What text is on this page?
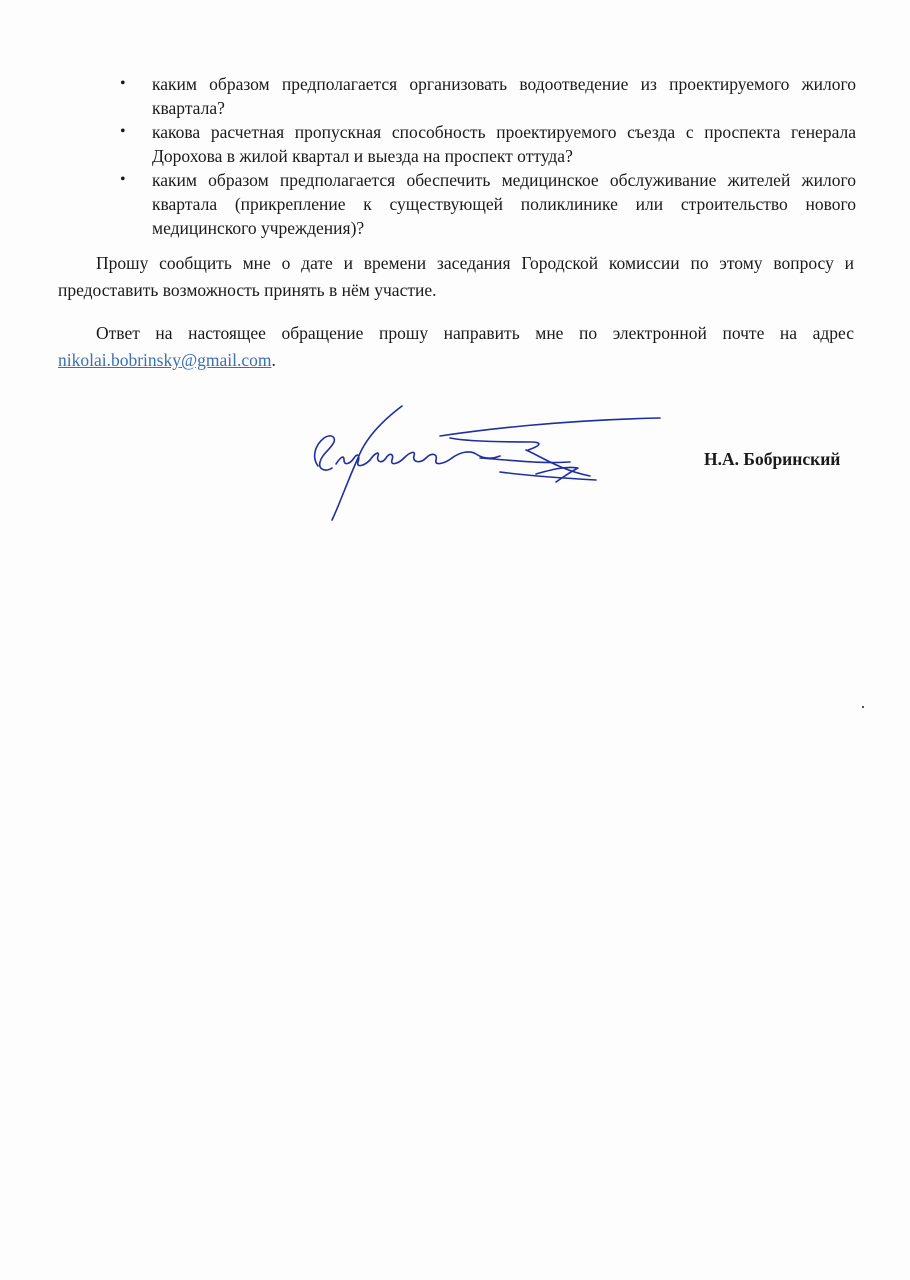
• каким образом предполагается организовать водоотведение из проектируемого жилого квартала?
• какова расчетная пропускная способность проектируемого съезда с проспекта генерала Дорохова в жилой квартал и выезда на проспект оттуда?
• каким образом предполагается обеспечить медицинское обслуживание жителей жилого квартала (прикрепление к существующей поликлинике или строительство нового медицинского учреждения)?

Прошу сообщить мне о дате и времени заседания Городской комиссии по этому вопросу и предоставить возможность принять в нём участие.

Ответ на настоящее обращение прошу направить мне по электронной почте на адрес nikolai.bobrinsky@gmail.com.

Н.А. Бобринский
